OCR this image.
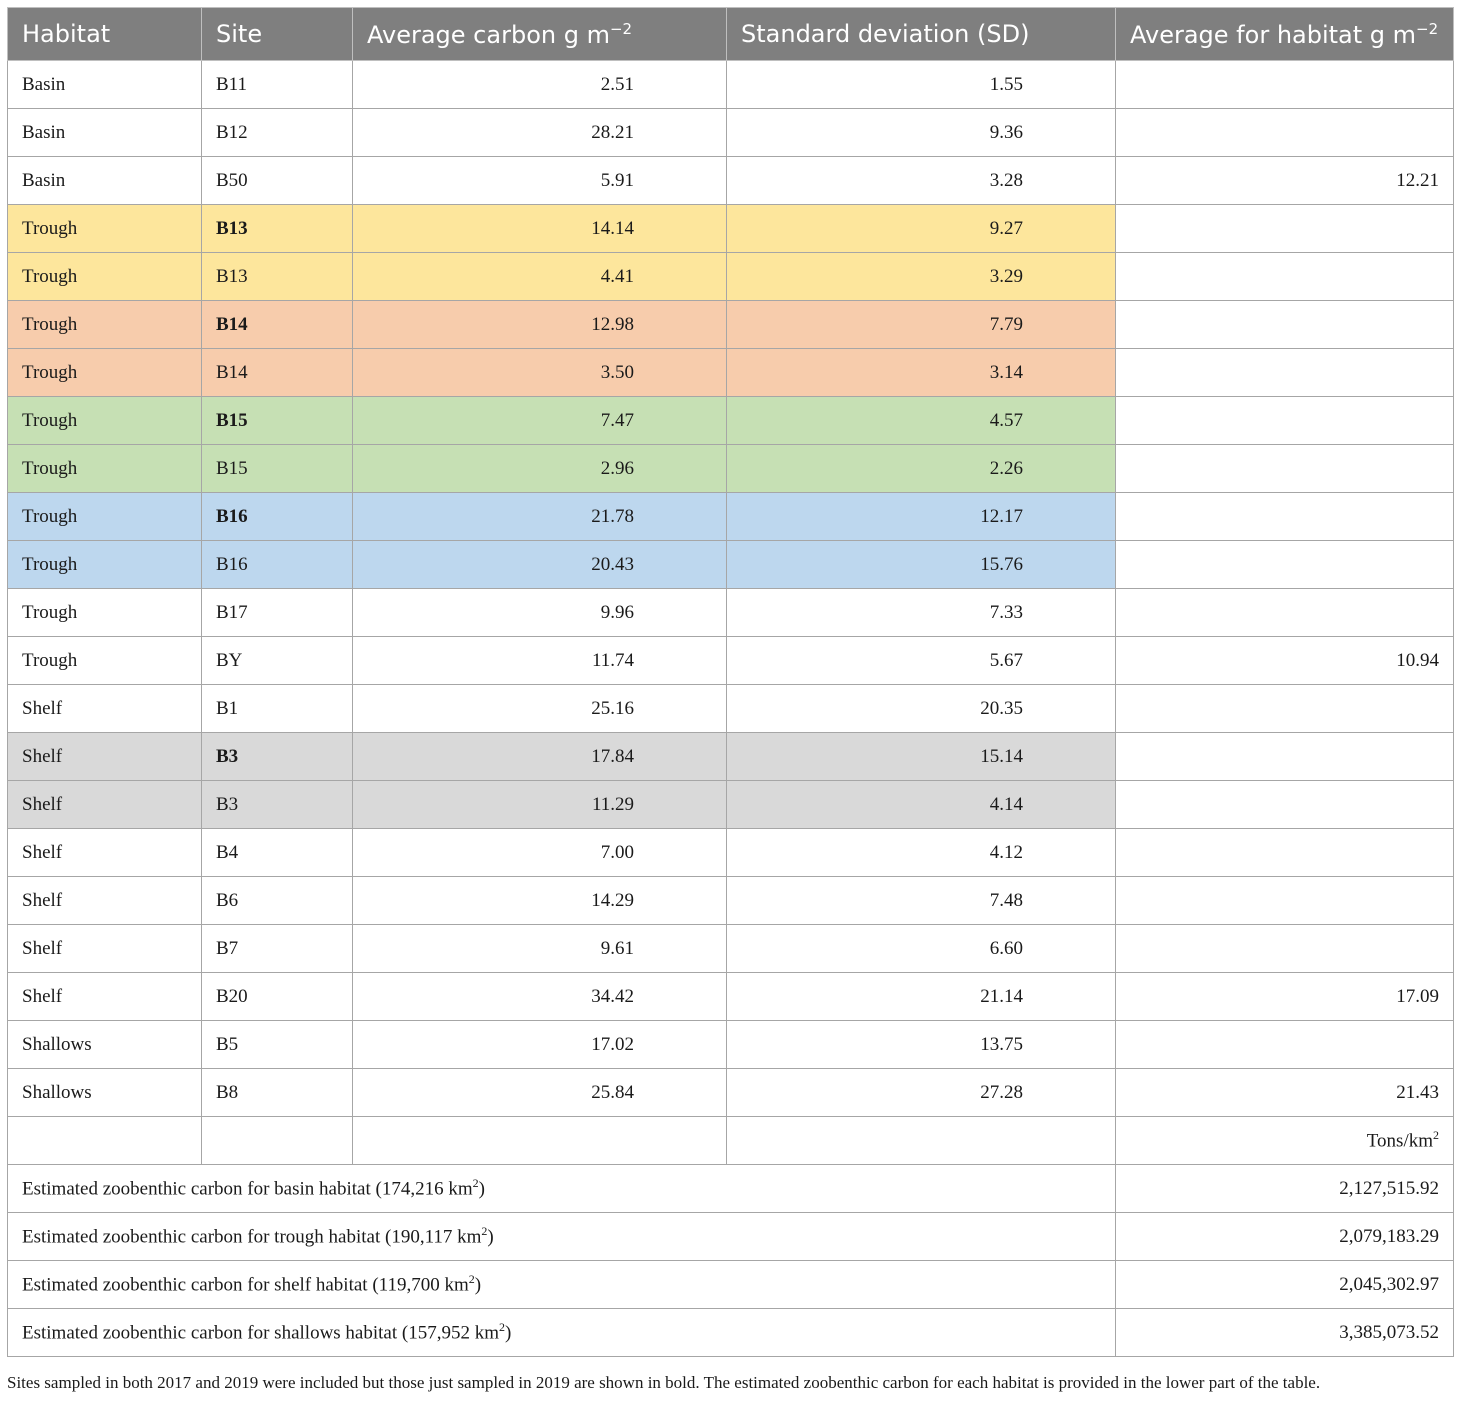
Habitat	Site	Average carbon g $m^{-2}$	Standard deviation (SD)	Average for habitat g $m^{-2}$
Basin	B11	2.51	1.55	
Basin	B12	28.21	9.36	
Basin	B50	5.91	3.28	12.21
Trough	B13	14.14	9.27	
Trough	B13	4.41	3.29	
Trough	B14	12.98	7.79	
Trough	B14	3.50	3.14	
Trough	B15	7.47	4.57	
Trough	B15	2.96	2.26	
Trough	B16	21.78	12.17	
Trough	B16	20.43	15.76	
Trough	B17	9.96	7.33	
Trough	BY	11.74	5.67	10.94
Shelf	B1	25.16	20.35	
Shelf	B3	17.84	15.14	
Shelf	B3	11.29	4.14	
Shelf	B4	7.00	4.12	
Shelf	B6	14.29	7.48	
Shelf	B7	9.61	6.60	
Shelf	B20	34.42	21.14	17.09
Shallows	B5	17.02	13.75	
Shallows	B8	25.84	27.28	21.43
				Tons/$km^2$
Estimated zoobenthic carbon for basin habitat (174,216 $km^2$)				2,127,515.92
Estimated zoobenthic carbon for trough habitat (190,117 $km^2$)				2,079,183.29
Estimated zoobenthic carbon for shelf habitat (119,700 $km^2$)				2,045,302.97
Estimated zoobenthic carbon for shallows habitat (157,952 $km^2$)				3,385,073.52
Sites sampled in both 2017 and 2019 were included but those just sampled in 2019 are shown in bold. The estimated zoobenthic carbon for each habitat is provided in the lower part of the table.
